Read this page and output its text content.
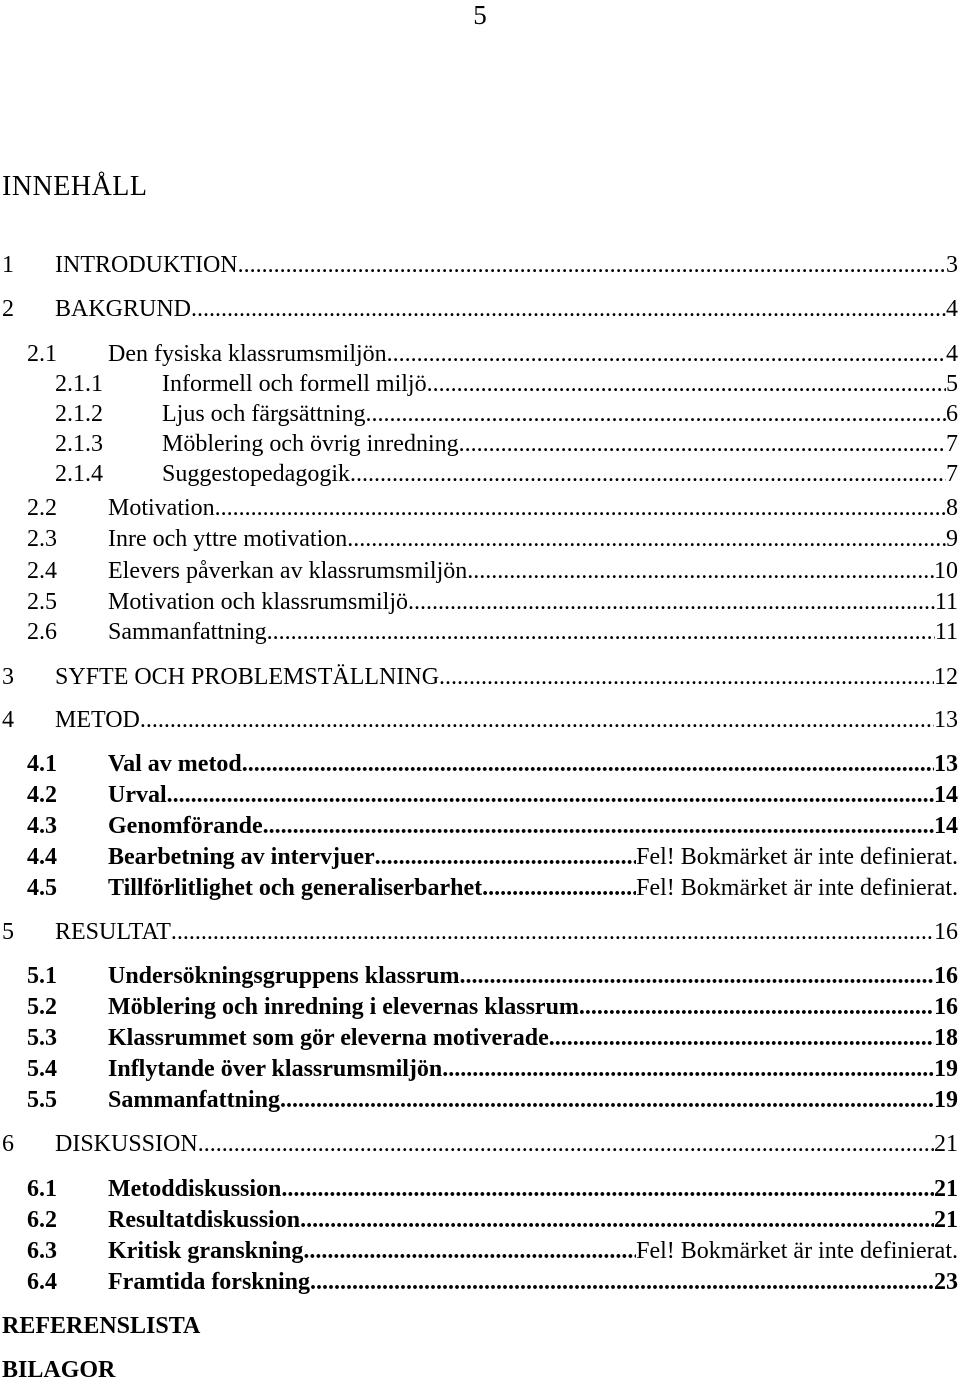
5
INNEHÅLL
1 INTRODUKTION .....	3
2 BAKGRUND .....	4
2.1 Den fysiska klassrumsmiljön .....	4
2.1.1 Informell och formell miljö .....	5
2.1.2 Ljus och färgsättning .....	6
2.1.3 Möblering och övrig inredning .....	7
2.1.4 Suggestopedagogik .....	7
2.2 Motivation .....	8
2.3 Inre och yttre motivation .....	9
2.4 Elevers påverkan av klassrumsmiljön .....	10
2.5 Motivation och klassrumsmiljö .....	11
2.6 Sammanfattning .....	11
3 SYFTE OCH PROBLEMSTÄLLNING .....	12
4 METOD .....	13
4.1 Val av metod .....	13
4.2 Urval .....	14
4.3 Genomförande .....	14
4.4 Bearbetning av intervjuer .....	Fel! Bokmärket är inte definierat.
4.5 Tillförlitlighet och generaliserbarhet .....	Fel! Bokmärket är inte definierat.
5 RESULTAT .....	16
5.1 Undersökningsgruppens klassrum .....	16
5.2 Möblering och inredning i elevernas klassrum .....	16
5.3 Klassrummet som gör eleverna motiverade .....	18
5.4 Inflytande över klassrumsmiljön .....	19
5.5 Sammanfattning .....	19
6 DISKUSSION .....	21
6.1 Metoddiskussion .....	21
6.2 Resultatdiskussion .....	21
6.3 Kritisk granskning .....	Fel! Bokmärket är inte definierat.
6.4 Framtida forskning .....	23
REFERENSLISTA
BILAGOR
